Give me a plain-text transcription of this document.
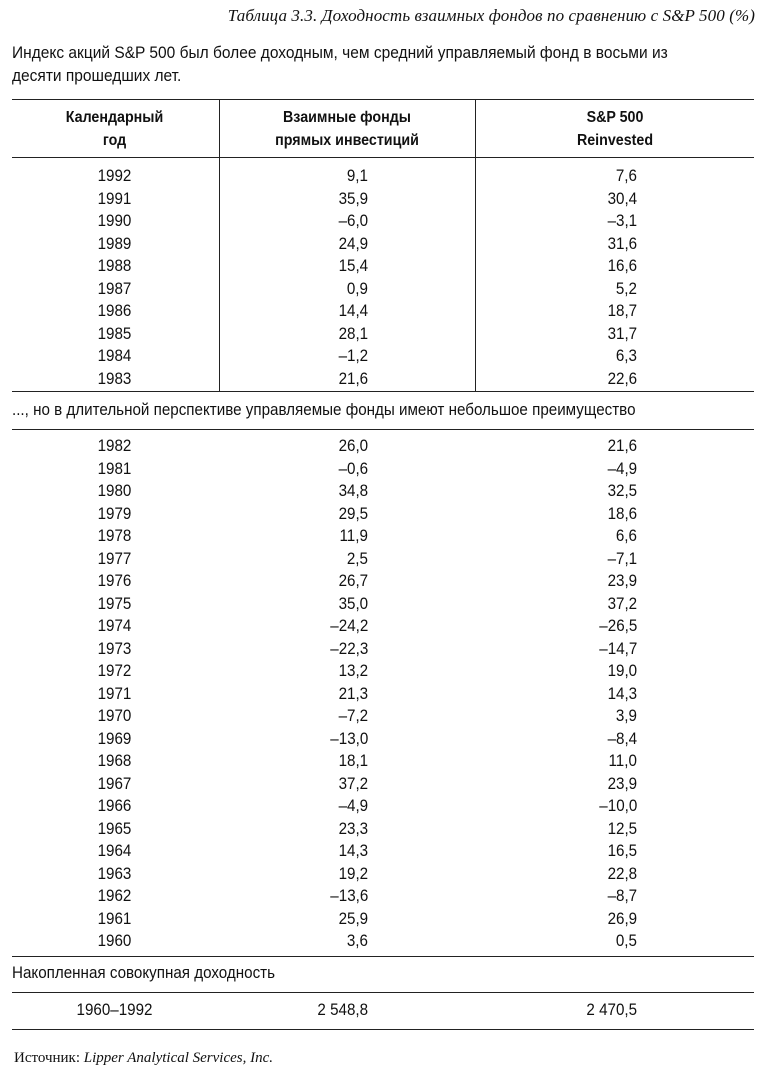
Таблица 3.3. Доходность взаимных фондов по сравнению с S&P 500 (%)
Индекс акций S&P 500 был более доходным, чем средний управляемый фонд в восьми из десяти прошедших лет.
Календарный
год
Взаимные фонды
прямых инвестиций
S&P 500
Reinvested
1992	9,1	7,6
1991	35,9	30,4
1990	–6,0	–3,1
1989	24,9	31,6
1988	15,4	16,6
1987	0,9	5,2
1986	14,4	18,7
1985	28,1	31,7
1984	–1,2	6,3
1983	21,6	22,6
..., но в длительной перспективе управляемые фонды имеют небольшое преимущество
1982	26,0	21,6
1981	–0,6	–4,9
1980	34,8	32,5
1979	29,5	18,6
1978	11,9	6,6
1977	2,5	–7,1
1976	26,7	23,9
1975	35,0	37,2
1974	–24,2	–26,5
1973	–22,3	–14,7
1972	13,2	19,0
1971	21,3	14,3
1970	–7,2	3,9
1969	–13,0	–8,4
1968	18,1	11,0
1967	37,2	23,9
1966	–4,9	–10,0
1965	23,3	12,5
1964	14,3	16,5
1963	19,2	22,8
1962	–13,6	–8,7
1961	25,9	26,9
1960	3,6	0,5
Накопленная совокупная доходность
1960–1992	2 548,8	2 470,5
Источник: Lipper Analytical Services, Inc.
